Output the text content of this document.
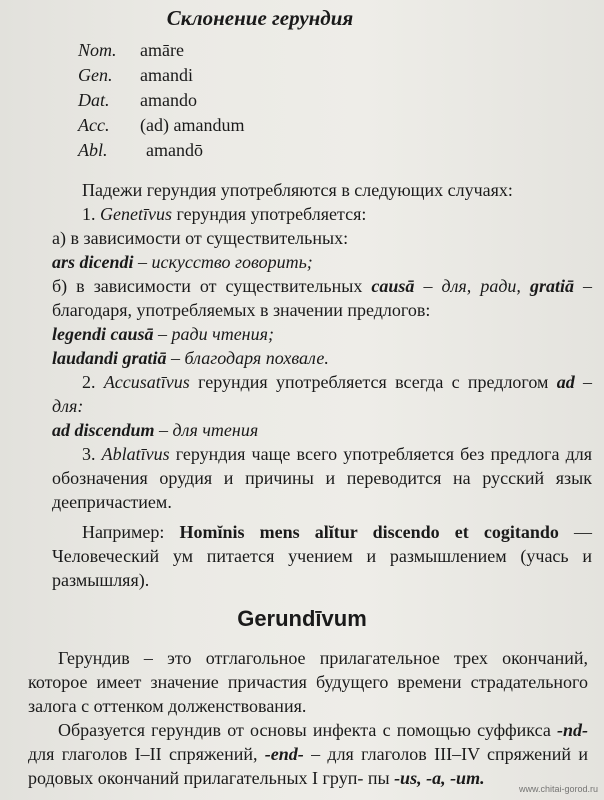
Склонение герундия
Nom.	amāre
Gen.	amandi
Dat.	amando
Acc.	(ad) amandum
Abl.	amandō

Падежи герундия употребляются в следующих случаях:

1. Genetīvus герундия употребляется:

а) в зависимости от существительных:

ars dicendi – искусство говорить;

б) в зависимости от существительных causā – для, ради, gratiā – благодаря, употребляемых в значении предлогов:

legendi causā – ради чтения;

laudandi gratiā – благодаря похвале.

2. Accusatīvus герундия употребляется всегда с предлогом ad – для:

ad discendum – для чтения

3. Ablatīvus герундия чаще всего употребляется без предлога для обозначения орудия и причины и переводится на русский язык деепричастием.

Например: Homĭnis mens alĭtur discendo et cogitando — Человеческий ум питается учением и размышлением (учась и размышляя).

Gerundīvum

Герундив – это отглагольное прилагательное трех окончаний, которое имеет значение причастия будущего времени страдательного залога с оттенком долженствования.

Образуется герундив от основы инфекта с помощью суффикса -nd- для глаголов I–II спряжений, -end- – для глаголов III–IV спряжений и родовых окончаний прилагательных I груп- пы -us, -a, -um.

www.chitai-gorod.ru
